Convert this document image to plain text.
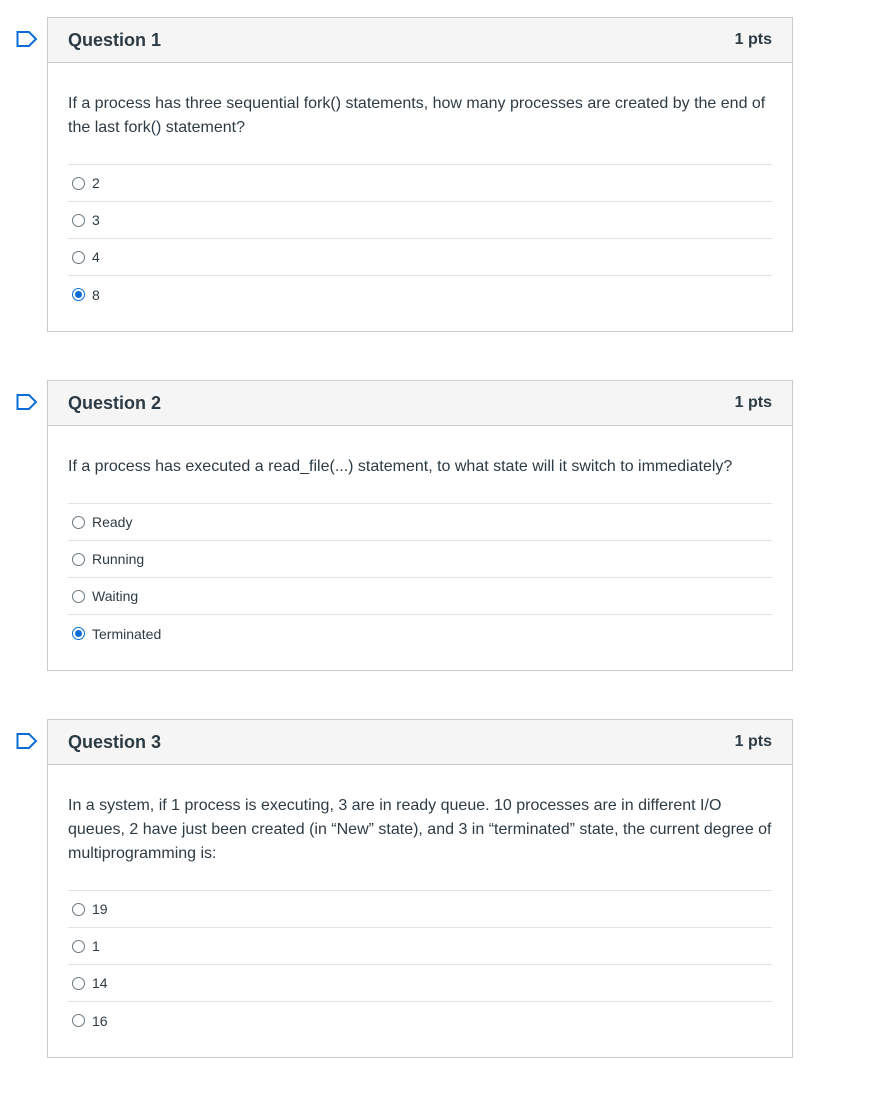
Question 1	1 pts

If a process has three sequential fork() statements, how many processes are created by the end of the last fork() statement?

2
3
4
8
Question 2	1 pts

If a process has executed a read_file(...) statement, to what state will it switch to immediately?

Ready
Running
Waiting
Terminated
Question 3	1 pts

In a system, if 1 process is executing, 3 are in ready queue. 10 processes are in different I/O queues, 2 have just been created (in “New” state), and 3 in “terminated” state, the current degree of multiprogramming is:

19
1
14
16
